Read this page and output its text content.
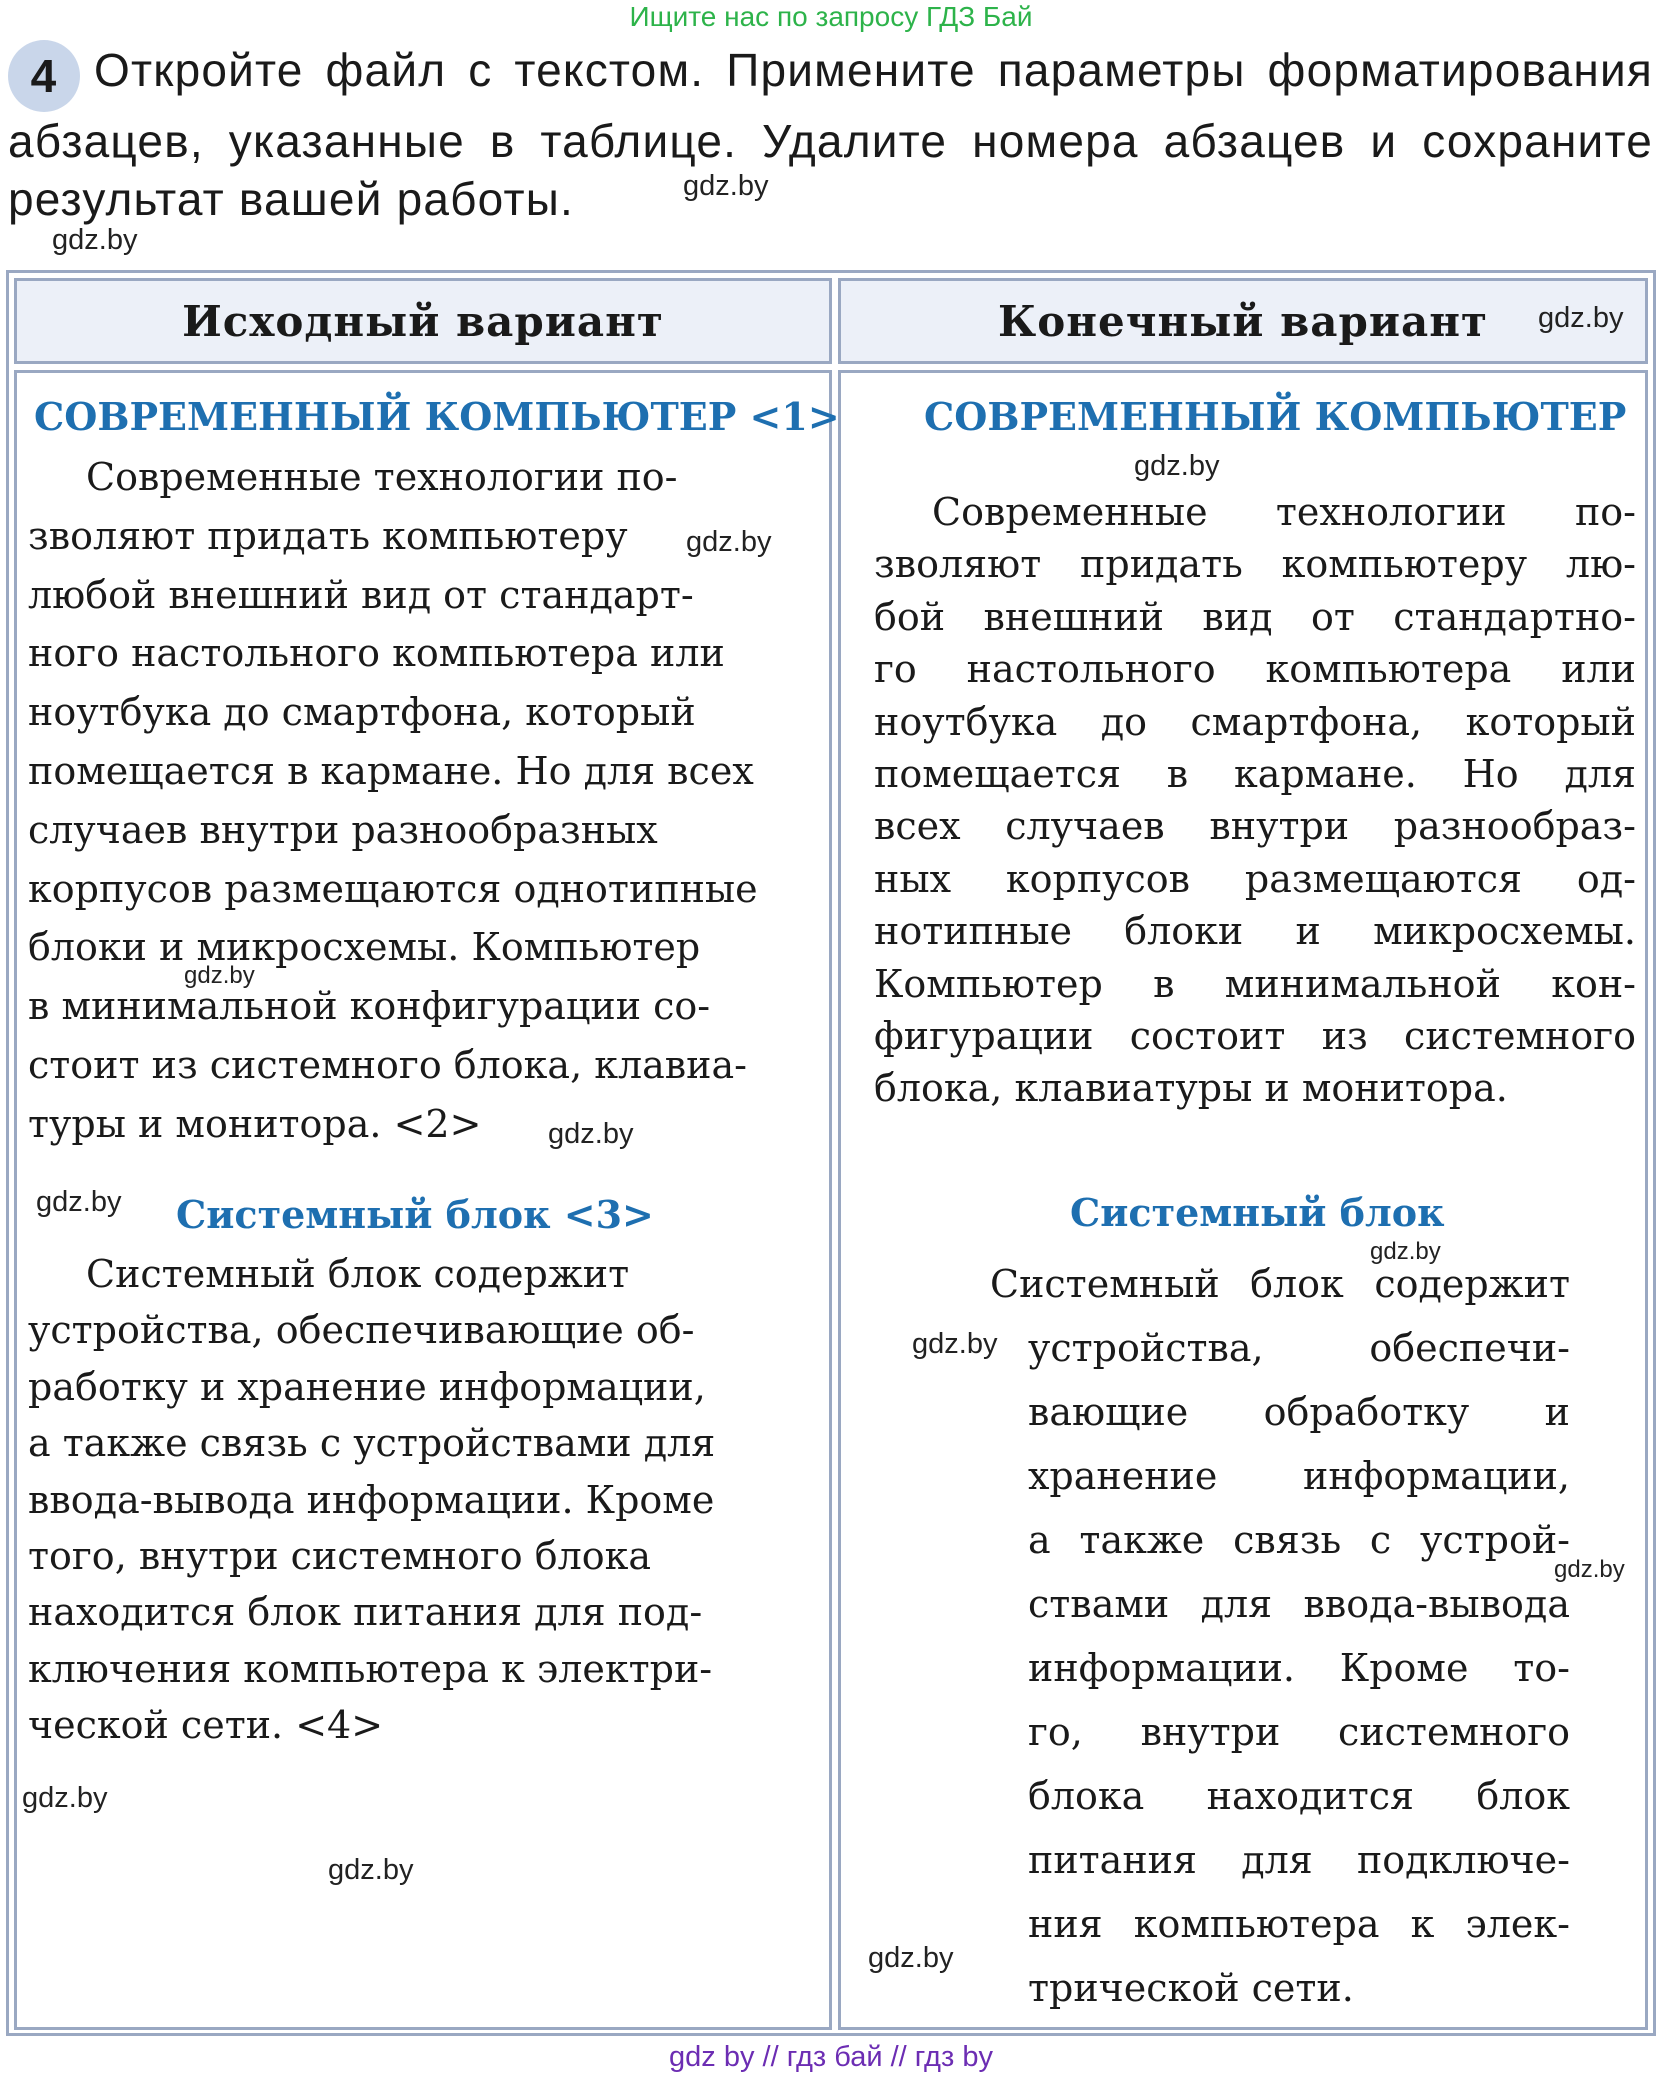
Ищите нас по запросу ГДЗ Бай
4 Откройте файл с текстом. Примените параметры форматирования абзацев, указанные в таблице. Удалите номера абзацев и сохраните результат вашей работы.	gdz.by
gdz.by
Исходный вариант	Конечный вариант gdz.by
СОВРЕМЕННЫЙ КОМПЬЮТЕР <1>
Современные технологии по-
зволяют придать компьютеру
любой внешний вид от стандарт-
ного настольного компьютера или
ноутбука до смартфона, который
помещается в кармане. Но для всех
случаев внутри разнообразных
корпусов размещаются однотипные
блоки и микросхемы. Компьютер
в минимальной конфигурации со-
стоит из системного блока, клавиа-
туры и монитора. <2>
gdz.by
gdz.by
gdz.by
gdz.by Системный блок <3>
Системный блок содержит
устройства, обеспечивающие об-
работку и хранение информации,
а также связь с устройствами для
ввода-вывода информации. Кроме
того, внутри системного блока
находится блок питания для под-
ключения компьютера к электри-
ческой сети. <4>
gdz.by
gdz.by
СОВРЕМЕННЫЙ КОМПЬЮТЕР
gdz.by
Современные технологии по-
зволяют придать компьютеру лю-
бой внешний вид от стандартно-
го настольного компьютера или
ноутбука до смартфона, который
помещается в кармане. Но для
всех случаев внутри разнообраз-
ных корпусов размещаются од-
нотипные блоки и микросхемы.
Компьютер в минимальной кон-
фигурации состоит из системного
блока, клавиатуры и монитора.
Системный блок
gdz.by
Системный блок содержит
устройства, обеспечи-
вающие обработку и
хранение информации,
а также связь с устрой-
ствами для ввода-вывода
информации. Кроме то-
го, внутри системного
блока находится блок
питания для подключе-
ния компьютера к элек-
трической сети.
gdz.by
gdz.by
gdz.by
gdz by // гдз бай // гдз by
